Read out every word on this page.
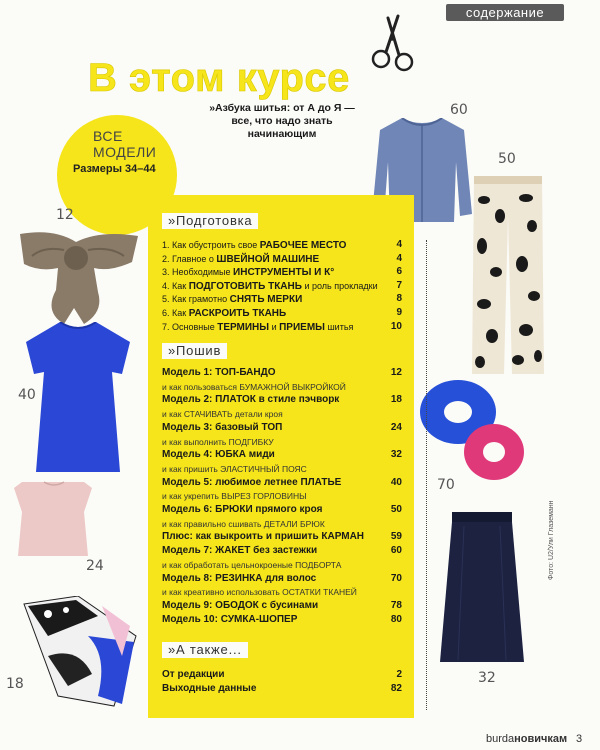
содержание
В этом курсе
»Азбука шитья: от А до Я — все, что надо знать начинающим
ВСЕ
МОДЕЛИ
Размеры 34–44
12
40
24
18
60
50
70
32
»Подготовка
1. Как обустроить свое РАБОЧЕЕ МЕСТО	4
2. Главное о ШВЕЙНОЙ МАШИНЕ	4
3. Необходимые ИНСТРУМЕНТЫ И К°	6
4. Как ПОДГОТОВИТЬ ТКАНЬ и роль прокладки 7
5. Как грамотно СНЯТЬ МЕРКИ	8
6. Как РАСКРОИТЬ ТКАНЬ	9
7. Основные ТЕРМИНЫ и ПРИЕМЫ шитья	10
»Пошив
Модель 1: ТОП-БАНДО	12
и как пользоваться БУМАЖНОЙ ВЫКРОЙКОЙ
Модель 2: ПЛАТОК в стиле пэчворк	18
и как СТАЧИВАТЬ детали кроя
Модель 3: базовый ТОП	24
и как выполнить ПОДГИБКУ
Модель 4: ЮБКА миди	32
и как пришить ЭЛАСТИЧНЫЙ ПОЯС
Модель 5: любимое летнее ПЛАТЬЕ	40
и как укрепить ВЫРЕЗ ГОРЛОВИНЫ
Модель 6: БРЮКИ прямого кроя	50
и как правильно сшивать ДЕТАЛИ БРЮК
Плюс: как выкроить и пришить КАРМАН	59
Модель 7: ЖАКЕТ без застежки	60
и как обработать цельнокроеные ПОДБОРТА
Модель 8: РЕЗИНКА для волос	70
и как креативно использовать ОСТАТКИ ТКАНЕЙ
Модель 9: ОБОДОК с бусинами	78
Модель 10: СУМКА-ШОПЕР	80
»А также...
От редакции	2
Выходные данные	82
Фото: U2/Ули Глаземанн
burdaновичкам 3
